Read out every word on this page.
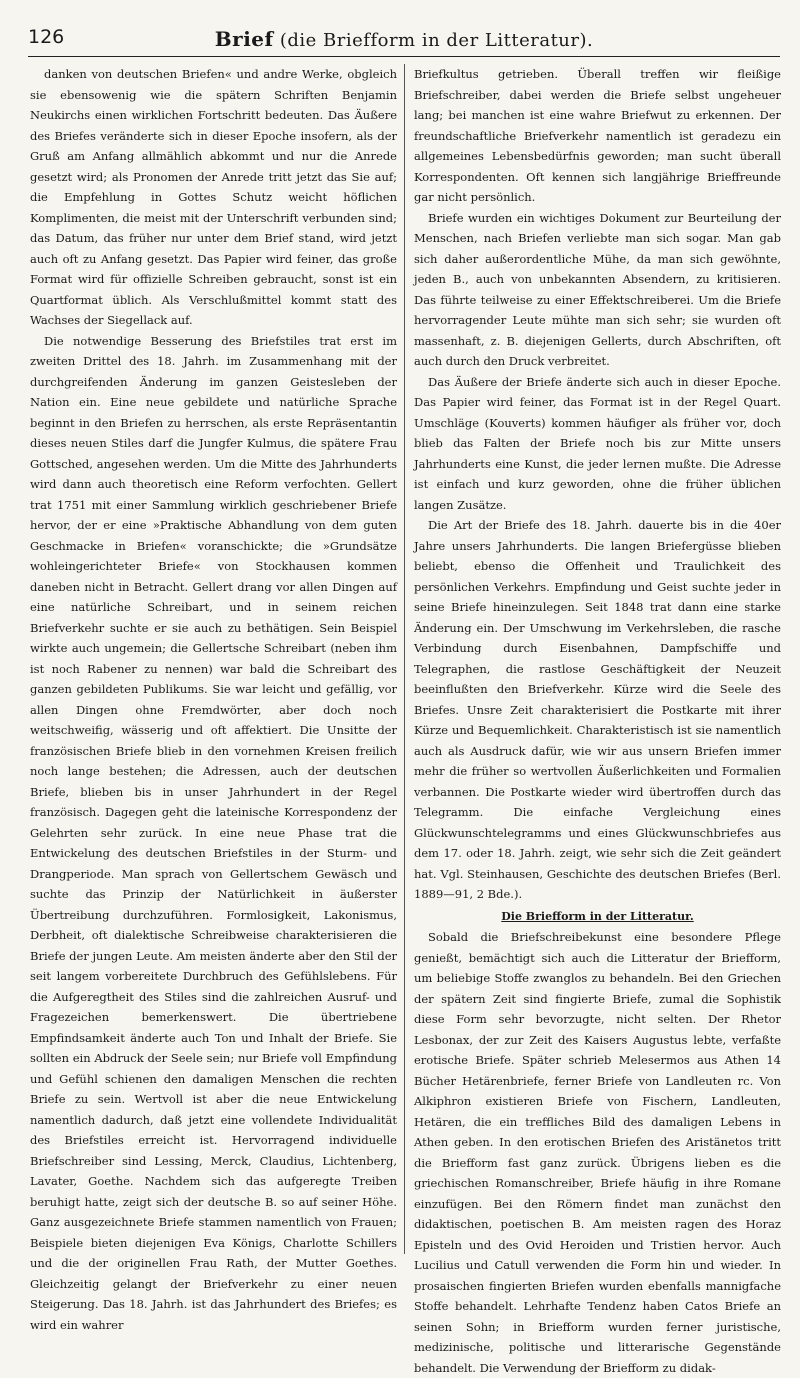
126	Brief (die Briefform in der Litteratur).

danken von deutschen Briefen« und andre Werke, obgleich sie ebensowenig wie die spätern Schriften Benjamin Neukirchs einen wirklichen Fortschritt bedeuten. Das Äußere des Briefes veränderte sich in dieser Epoche insofern, als der Gruß am Anfang allmählich abkommt und nur die Anrede gesetzt wird; als Pronomen der Anrede tritt jetzt das Sie auf; die Empfehlung in Gottes Schutz weicht höflichen Komplimenten, die meist mit der Unterschrift verbunden sind; das Datum, das früher nur unter dem Brief stand, wird jetzt auch oft zu Anfang gesetzt. Das Papier wird feiner, das große Format wird für offizielle Schreiben gebraucht, sonst ist ein Quartformat üblich. Als Verschlußmittel kommt statt des Wachses der Siegellack auf.

Die notwendige Besserung des Briefstiles trat erst im zweiten Drittel des 18. Jahrh. im Zusammenhang mit der durchgreifenden Änderung im ganzen Geistesleben der Nation ein. Eine neue gebildete und natürliche Sprache beginnt in den Briefen zu herrschen, als erste Repräsentantin dieses neuen Stiles darf die Jungfer Kulmus, die spätere Frau Gottsched, angesehen werden. Um die Mitte des Jahrhunderts wird dann auch theoretisch eine Reform verfochten. Gellert trat 1751 mit einer Sammlung wirklich geschriebener Briefe hervor, der er eine »Praktische Abhandlung von dem guten Geschmacke in Briefen« voranschickte; die »Grundsätze wohleingerichteter Briefe« von Stockhausen kommen daneben nicht in Betracht. Gellert drang vor allen Dingen auf eine natürliche Schreibart, und in seinem reichen Briefverkehr suchte er sie auch zu bethätigen. Sein Beispiel wirkte auch ungemein; die Gellertsche Schreibart (neben ihm ist noch Rabener zu nennen) war bald die Schreibart des ganzen gebildeten Publikums. Sie war leicht und gefällig, vor allen Dingen ohne Fremdwörter, aber doch noch weitschweifig, wässerig und oft affektiert. Die Unsitte der französischen Briefe blieb in den vornehmen Kreisen freilich noch lange bestehen; die Adressen, auch der deutschen Briefe, blieben bis in unser Jahrhundert in der Regel französisch. Dagegen geht die lateinische Korrespondenz der Gelehrten sehr zurück. In eine neue Phase trat die Entwickelung des deutschen Briefstiles in der Sturm- und Drangperiode. Man sprach von Gellertschem Gewäsch und suchte das Prinzip der Natürlichkeit in äußerster Übertreibung durchzuführen. Formlosigkeit, Lakonismus, Derbheit, oft dialektische Schreibweise charakterisieren die Briefe der jungen Leute. Am meisten änderte aber den Stil der seit langem vorbereitete Durchbruch des Gefühlslebens. Für die Aufgeregtheit des Stiles sind die zahlreichen Ausruf- und Fragezeichen bemerkenswert. Die übertriebene Empfindsamkeit änderte auch Ton und Inhalt der Briefe. Sie sollten ein Abdruck der Seele sein; nur Briefe voll Empfindung und Gefühl schienen den damaligen Menschen die rechten Briefe zu sein. Wertvoll ist aber die neue Entwickelung namentlich dadurch, daß jetzt eine vollendete Individualität des Briefstiles erreicht ist. Hervorragend individuelle Briefschreiber sind Lessing, Merck, Claudius, Lichtenberg, Lavater, Goethe. Nachdem sich das aufgeregte Treiben beruhigt hatte, zeigt sich der deutsche B. so auf seiner Höhe. Ganz ausgezeichnete Briefe stammen namentlich von Frauen; Beispiele bieten diejenigen Eva Königs, Charlotte Schillers und die der originellen Frau Rath, der Mutter Goethes. Gleichzeitig gelangt der Briefverkehr zu einer neuen Steigerung. Das 18. Jahrh. ist das Jahrhundert des Briefes; es wird ein wahrer

Briefkultus getrieben. Überall treffen wir fleißige Briefschreiber, dabei werden die Briefe selbst ungeheuer lang; bei manchen ist eine wahre Briefwut zu erkennen. Der freundschaftliche Briefverkehr namentlich ist geradezu ein allgemeines Lebensbedürfnis geworden; man sucht überall Korrespondenten. Oft kennen sich langjährige Brieffreunde gar nicht persönlich.

Briefe wurden ein wichtiges Dokument zur Beurteilung der Menschen, nach Briefen verliebte man sich sogar. Man gab sich daher außerordentliche Mühe, da man sich gewöhnte, jeden B., auch von unbekannten Absendern, zu kritisieren. Das führte teilweise zu einer Effektschreiberei. Um die Briefe hervorragender Leute mühte man sich sehr; sie wurden oft massenhaft, z. B. diejenigen Gellerts, durch Abschriften, oft auch durch den Druck verbreitet.

Das Äußere der Briefe änderte sich auch in dieser Epoche. Das Papier wird feiner, das Format ist in der Regel Quart. Umschläge (Kouverts) kommen häufiger als früher vor, doch blieb das Falten der Briefe noch bis zur Mitte unsers Jahrhunderts eine Kunst, die jeder lernen mußte. Die Adresse ist einfach und kurz geworden, ohne die früher üblichen langen Zusätze.

Die Art der Briefe des 18. Jahrh. dauerte bis in die 40er Jahre unsers Jahrhunderts. Die langen Briefergüsse blieben beliebt, ebenso die Offenheit und Traulichkeit des persönlichen Verkehrs. Empfindung und Geist suchte jeder in seine Briefe hineinzulegen. Seit 1848 trat dann eine starke Änderung ein. Der Umschwung im Verkehrsleben, die rasche Verbindung durch Eisenbahnen, Dampfschiffe und Telegraphen, die rastlose Geschäftigkeit der Neuzeit beeinflußten den Briefverkehr. Kürze wird die Seele des Briefes. Unsre Zeit charakterisiert die Postkarte mit ihrer Kürze und Bequemlichkeit. Charakteristisch ist sie namentlich auch als Ausdruck dafür, wie wir aus unsern Briefen immer mehr die früher so wertvollen Äußerlichkeiten und Formalien verbannen. Die Postkarte wieder wird übertroffen durch das Telegramm. Die einfache Vergleichung eines Glückwunschtelegramms und eines Glückwunschbriefes aus dem 17. oder 18. Jahrh. zeigt, wie sehr sich die Zeit geändert hat. Vgl. Steinhausen, Geschichte des deutschen Briefes (Berl. 1889—91, 2 Bde.).

Die Briefform in der Litteratur.

Sobald die Briefschreibekunst eine besondere Pflege genießt, bemächtigt sich auch die Litteratur der Briefform, um beliebige Stoffe zwanglos zu behandeln. Bei den Griechen der spätern Zeit sind fingierte Briefe, zumal die Sophistik diese Form sehr bevorzugte, nicht selten. Der Rhetor Lesbonax, der zur Zeit des Kaisers Augustus lebte, verfaßte erotische Briefe. Später schrieb Melesermos aus Athen 14 Bücher Hetärenbriefe, ferner Briefe von Landleuten rc. Von Alkiphron existieren Briefe von Fischern, Landleuten, Hetären, die ein treffliches Bild des damaligen Lebens in Athen geben. In den erotischen Briefen des Aristänetos tritt die Briefform fast ganz zurück. Übrigens lieben es die griechischen Romanschreiber, Briefe häufig in ihre Romane einzufügen. Bei den Römern findet man zunächst den didaktischen, poetischen B. Am meisten ragen des Horaz Episteln und des Ovid Heroiden und Tristien hervor. Auch Lucilius und Catull verwenden die Form hin und wieder. In prosaischen fingierten Briefen wurden ebenfalls mannigfache Stoffe behandelt. Lehrhafte Tendenz haben Catos Briefe an seinen Sohn; in Briefform wurden ferner juristische, medizinische, politische und litterarische Gegenstände behandelt. Die Verwendung der Briefform zu didak-
